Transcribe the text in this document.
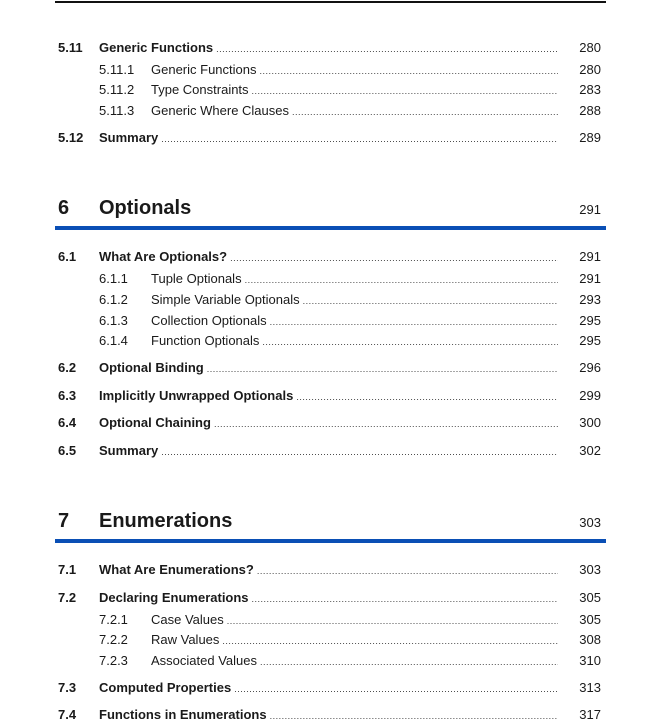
5.11	Generic Functions .....	280
5.11.1	Generic Functions .....	280
5.11.2	Type Constraints .....	283
5.11.3	Generic Where Clauses .....	288
5.12	Summary .....	289
6	Optionals	291
6.1	What Are Optionals? .....	291
6.1.1	Tuple Optionals .....	291
6.1.2	Simple Variable Optionals .....	293
6.1.3	Collection Optionals .....	295
6.1.4	Function Optionals .....	295
6.2	Optional Binding .....	296
6.3	Implicitly Unwrapped Optionals .....	299
6.4	Optional Chaining .....	300
6.5	Summary .....	302
7	Enumerations	303
7.1	What Are Enumerations? .....	303
7.2	Declaring Enumerations .....	305
7.2.1	Case Values .....	305
7.2.2	Raw Values .....	308
7.2.3	Associated Values .....	310
7.3	Computed Properties .....	313
7.4	Functions in Enumerations .....	317
